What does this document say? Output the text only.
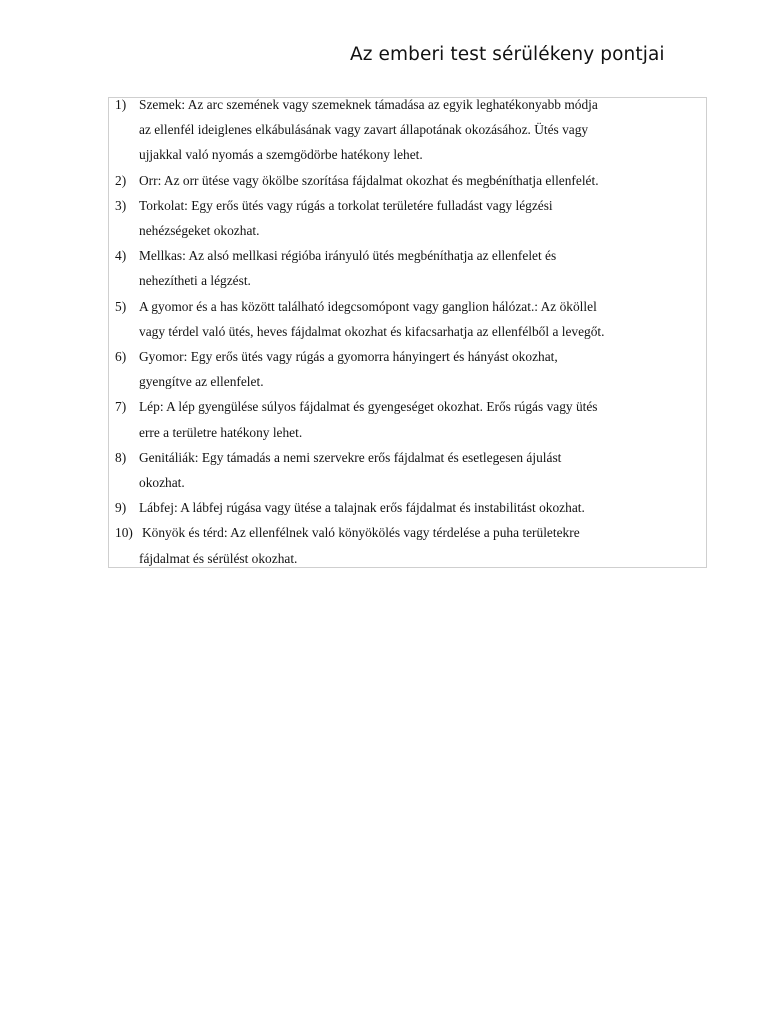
Az emberi test sérülékeny pontjai
1) Szemek: Az arc szemének vagy szemeknek támadása az egyik leghatékonyabb módja
az ellenfél ideiglenes elkábulásának vagy zavart állapotának okozásához. Ütés vagy
ujjakkal való nyomás a szemgödörbe hatékony lehet.
2) Orr: Az orr ütése vagy ökölbe szorítása fájdalmat okozhat és megbéníthatja ellenfelét.
3) Torkolat: Egy erős ütés vagy rúgás a torkolat területére fulladást vagy légzési
nehézségeket okozhat.
4) Mellkas: Az alsó mellkasi régióba irányuló ütés megbéníthatja az ellenfelet és
nehezítheti a légzést.
5) A gyomor és a has között található idegcsomópont vagy ganglion hálózat.: Az ököllel
vagy térdel való ütés, heves fájdalmat okozhat és kifacsarhatja az ellenfélből a levegőt.
6) Gyomor: Egy erős ütés vagy rúgás a gyomorra hányingert és hányást okozhat,
gyengítve az ellenfelet.
7) Lép: A lép gyengülése súlyos fájdalmat és gyengeséget okozhat. Erős rúgás vagy ütés
erre a területre hatékony lehet.
8) Genitáliák: Egy támadás a nemi szervekre erős fájdalmat és esetlegesen ájulást
okozhat.
9) Lábfej: A lábfej rúgása vagy ütése a talajnak erős fájdalmat és instabilitást okozhat.
10) Könyök és térd: Az ellenfélnek való könyökölés vagy térdelése a puha területekre
fájdalmat és sérülést okozhat.
